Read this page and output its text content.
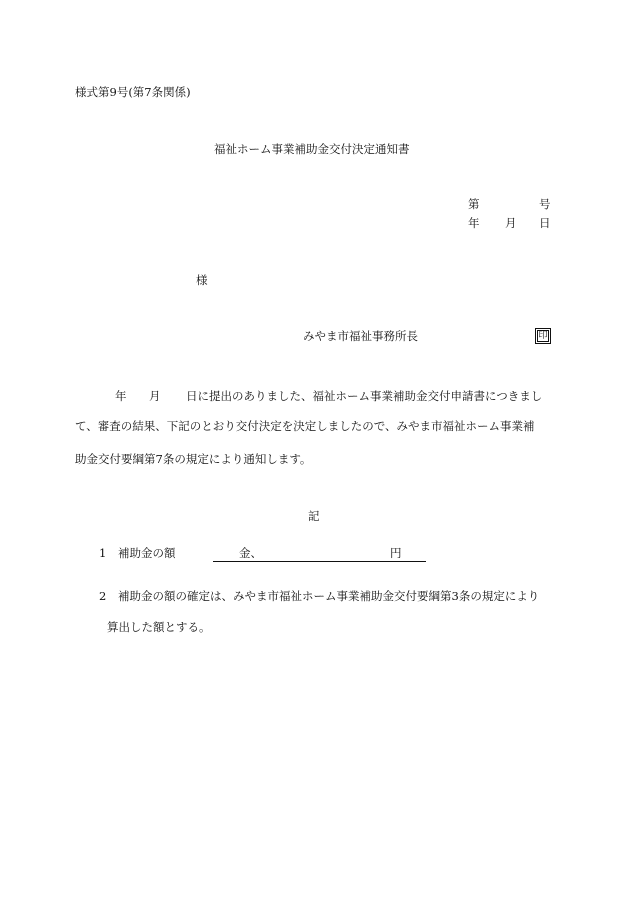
様式第9号(第7条関係)
福祉ホーム事業補助金交付決定通知書
第	号
年 月 日
様
みやま市福祉事務所長	印
年 月 日に提出のありました、福祉ホーム事業補助金交付申請書につきまし
て、審査の結果、下記のとおり交付決定を決定しましたので、みやま市福祉ホーム事業補
助金交付要綱第7条の規定により通知します。
記
1 補助金の額	金、	円
2 補助金の額の確定は、みやま市福祉ホーム事業補助金交付要綱第3条の規定により
算出した額とする。
